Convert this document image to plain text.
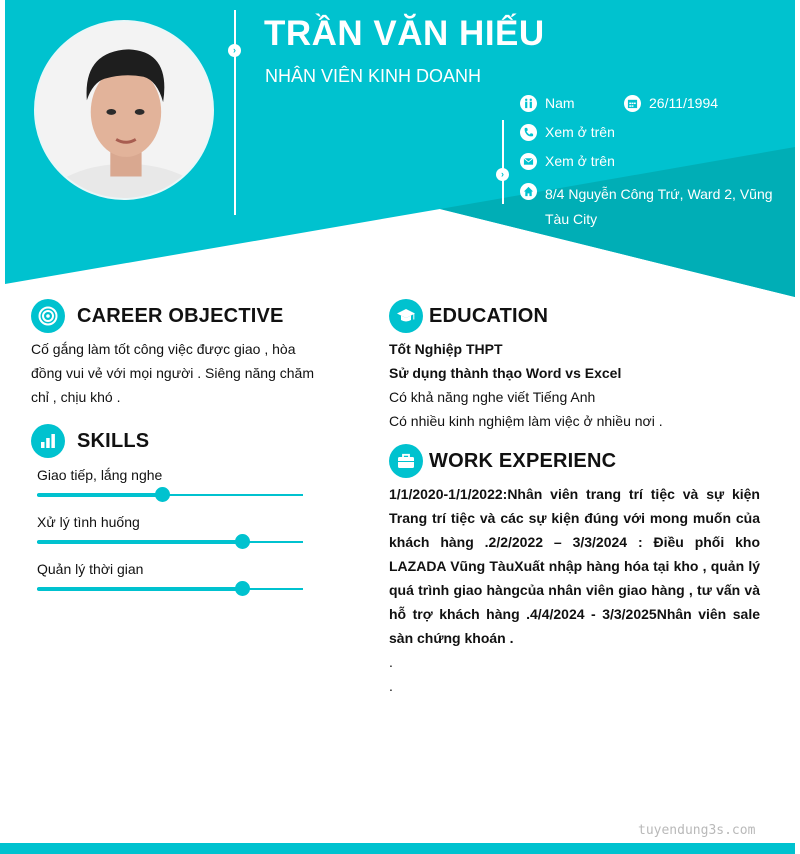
›
›
TRẦN VĂN HIẾU
NHÂN VIÊN KINH DOANH
Nam	26/11/1994
Xem ở trên
Xem ở trên
8/4 Nguyễn Công Trứ, Ward 2, Vũng Tàu City
CAREER OBJECTIVE
Cố gắng làm tốt công việc được giao , hòa đồng vui vẻ với mọi người . Siêng năng chăm chỉ , chịu khó .
SKILLS
Giao tiếp, lắng nghe
Xử lý tình huống
Quản lý thời gian
EDUCATION
Tốt Nghiệp THPT
Sử dụng thành thạo Word vs Excel
Có khả năng nghe viết Tiếng Anh
Có nhiều kinh nghiệm làm việc ở nhiều nơi .
WORK EXPERIENC
1/1/2020-1/1/2022:Nhân viên trang trí tiệc và sự kiện Trang trí tiệc và các sự kiện đúng với mong muốn của khách hàng .2/2/2022 – 3/3/2024 : Điều phối kho LAZADA Vũng TàuXuất nhập hàng hóa tại kho , quản lý quá trình giao hàngcủa nhân viên giao hàng , tư vấn và hỗ trợ khách hàng .4/4/2024 - 3/3/2025Nhân viên sale sàn chứng khoán .
.
.
tuyendung3s.com
